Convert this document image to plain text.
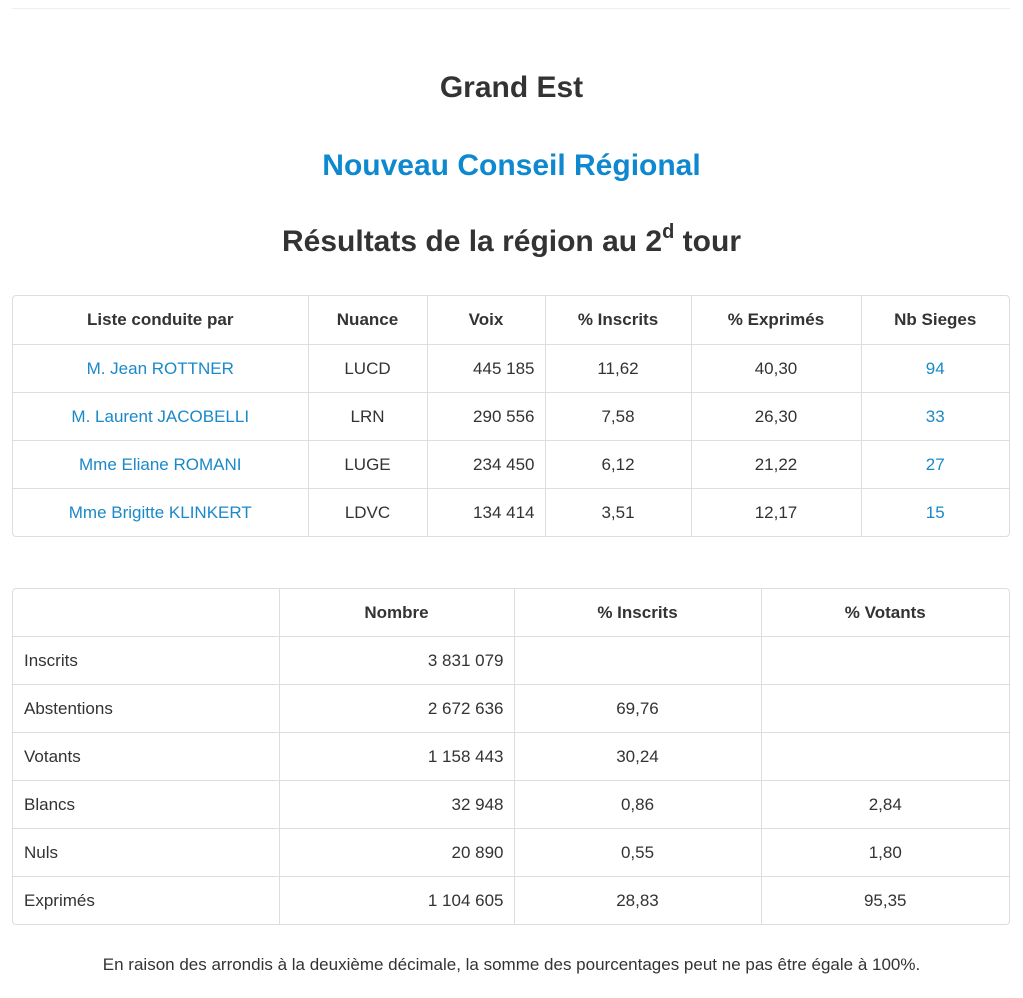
Grand Est
Nouveau Conseil Régional
Résultats de la région au 2$^d$ tour
Liste conduite par	Nuance	Voix	% Inscrits	% Exprimés	Nb Sieges
M. Jean ROTTNER	LUCD	445 185	11,62	40,30	94
M. Laurent JACOBELLI	LRN	290 556	7,58	26,30	33
Mme Eliane ROMANI	LUGE	234 450	6,12	21,22	27
Mme Brigitte KLINKERT	LDVC	134 414	3,51	12,17	15
	Nombre	% Inscrits	% Votants
Inscrits	3 831 079		
Abstentions	2 672 636	69,76	
Votants	1 158 443	30,24	
Blancs	32 948	0,86	2,84
Nuls	20 890	0,55	1,80
Exprimés	1 104 605	28,83	95,35

En raison des arrondis à la deuxième décimale, la somme des pourcentages peut ne pas être égale à 100%.
